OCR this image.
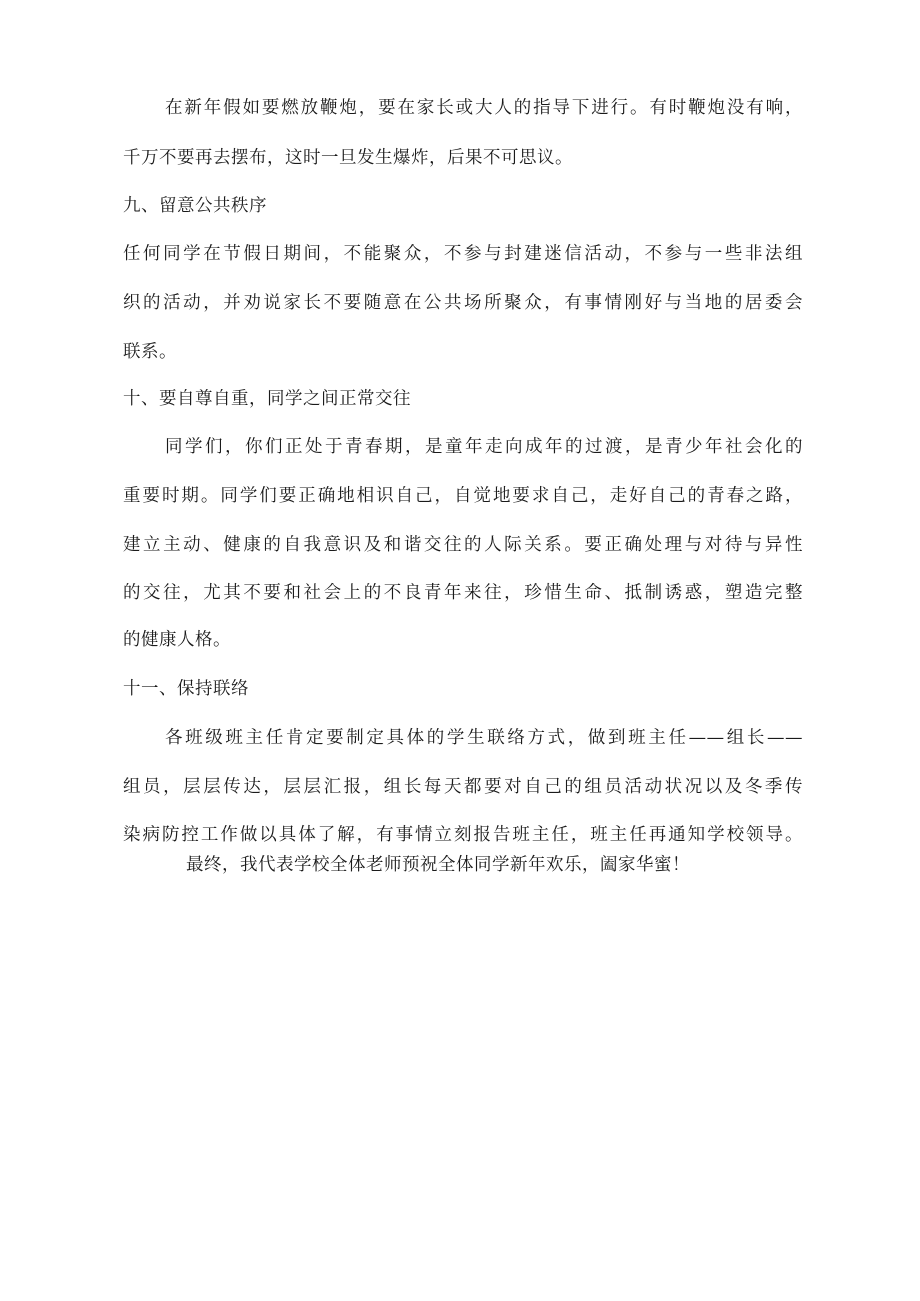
在新年假如要燃放鞭炮，要在家长或大人的指导下进行。有时鞭炮没有响，
千万不要再去摆布，这时一旦发生爆炸，后果不可思议。
九、留意公共秩序
任何同学在节假日期间，不能聚众，不参与封建迷信活动，不参与一些非法组
织的活动，并劝说家长不要随意在公共场所聚众，有事情刚好与当地的居委会
联系。
十、要自尊自重，同学之间正常交往
同学们，你们正处于青春期，是童年走向成年的过渡，是青少年社会化的
重要时期。同学们要正确地相识自己，自觉地要求自己，走好自己的青春之路，
建立主动、健康的自我意识及和谐交往的人际关系。要正确处理与对待与异性
的交往，尤其不要和社会上的不良青年来往，珍惜生命、抵制诱惑，塑造完整
的健康人格。
十一、保持联络
各班级班主任肯定要制定具体的学生联络方式，做到班主任——组长——
组员，层层传达，层层汇报，组长每天都要对自己的组员活动状况以及冬季传
染病防控工作做以具体了解，有事情立刻报告班主任，班主任再通知学校领导。
最终，我代表学校全体老师预祝全体同学新年欢乐，阖家华蜜！
